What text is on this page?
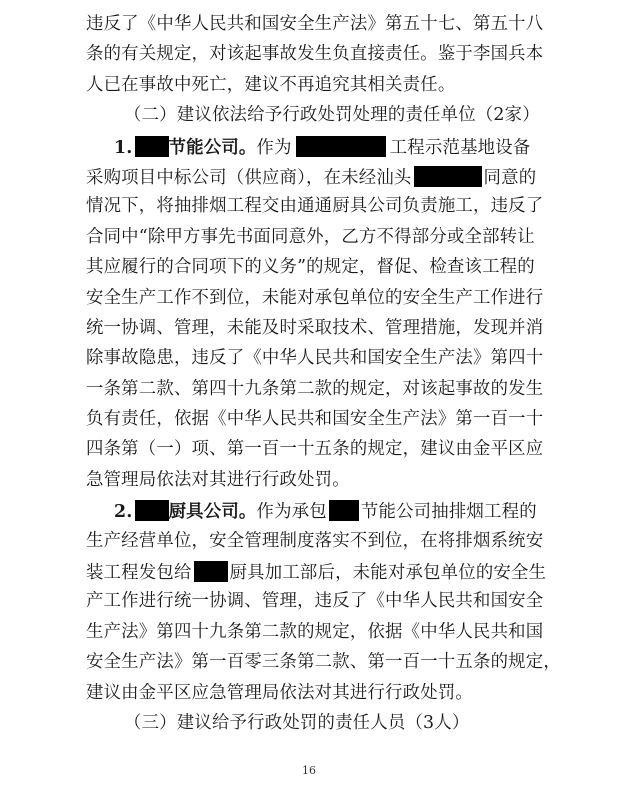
违反了《中华人民共和国安全生产法》第五十七、第五十八
条的有关规定，对该起事故发生负直接责任。鉴于李国兵本
人已在事故中死亡，建议不再追究其相关责任。
（二）建议依法给予行政处罚处理的责任单位（2家）
1. 节能公司。作为	工程示范基地设备
采购项目中标公司（供应商），在未经汕头	同意的
情况下，将抽排烟工程交由通通厨具公司负责施工，违反了
合同中“除甲方事先书面同意外，乙方不得部分或全部转让
其应履行的合同项下的义务”的规定，督促、检查该工程的
安全生产工作不到位，未能对承包单位的安全生产工作进行
统一协调、管理，未能及时采取技术、管理措施，发现并消
除事故隐患，违反了《中华人民共和国安全生产法》第四十
一条第二款、第四十九条第二款的规定，对该起事故的发生
负有责任，依据《中华人民共和国安全生产法》第一百一十
四条第（一）项、第一百一十五条的规定，建议由金平区应
急管理局依法对其进行行政处罚。
2. 厨具公司。作为承包 节能公司抽排烟工程的
生产经营单位，安全管理制度落实不到位，在将排烟系统安
装工程发包给 厨具加工部后，未能对承包单位的安全生
产工作进行统一协调、管理，违反了《中华人民共和国安全
生产法》第四十九条第二款的规定，依据《中华人民共和国
安全生产法》第一百零三条第二款、第一百一十五条的规定，
建议由金平区应急管理局依法对其进行行政处罚。
（三）建议给予行政处罚的责任人员（3人）
16
